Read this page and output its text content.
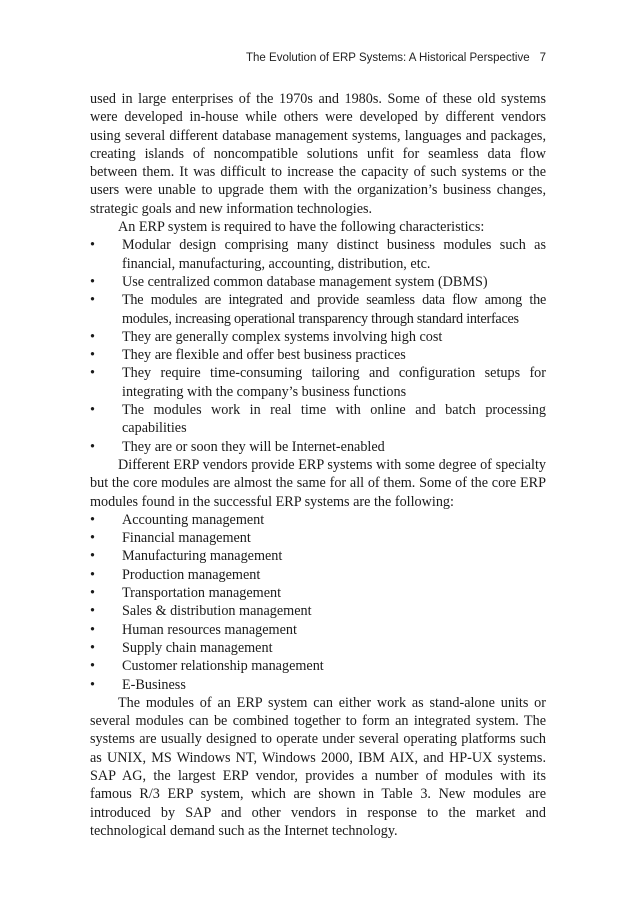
The Evolution of ERP Systems: A Historical Perspective 7

used in large enterprises of the 1970s and 1980s. Some of these old systems were developed in-house while others were developed by different vendors using several different database management systems, languages and packages, creating islands of noncompatible solutions unfit for seamless data flow between them. It was difficult to increase the capacity of such systems or the users were unable to upgrade them with the organization’s business changes, strategic goals and new information technologies.

An ERP system is required to have the following characteristics:

• Modular design comprising many distinct business modules such as financial, manufacturing, accounting, distribution, etc.
• Use centralized common database management system (DBMS)
• The modules are integrated and provide seamless data flow among the modules, increasing operational transparency through standard interfaces
• They are generally complex systems involving high cost
• They are flexible and offer best business practices
• They require time-consuming tailoring and configuration setups for integrating with the company’s business functions
• The modules work in real time with online and batch processing capabilities
• They are or soon they will be Internet-enabled

Different ERP vendors provide ERP systems with some degree of specialty but the core modules are almost the same for all of them. Some of the core ERP modules found in the successful ERP systems are the following:

• Accounting management
• Financial management
• Manufacturing management
• Production management
• Transportation management
• Sales & distribution management
• Human resources management
• Supply chain management
• Customer relationship management
• E-Business

The modules of an ERP system can either work as stand-alone units or several modules can be combined together to form an integrated system. The systems are usually designed to operate under several operating platforms such as UNIX, MS Windows NT, Windows 2000, IBM AIX, and HP-UX systems. SAP AG, the largest ERP vendor, provides a number of modules with its famous R/3 ERP system, which are shown in Table 3. New modules are introduced by SAP and other vendors in response to the market and technological demand such as the Internet technology.
